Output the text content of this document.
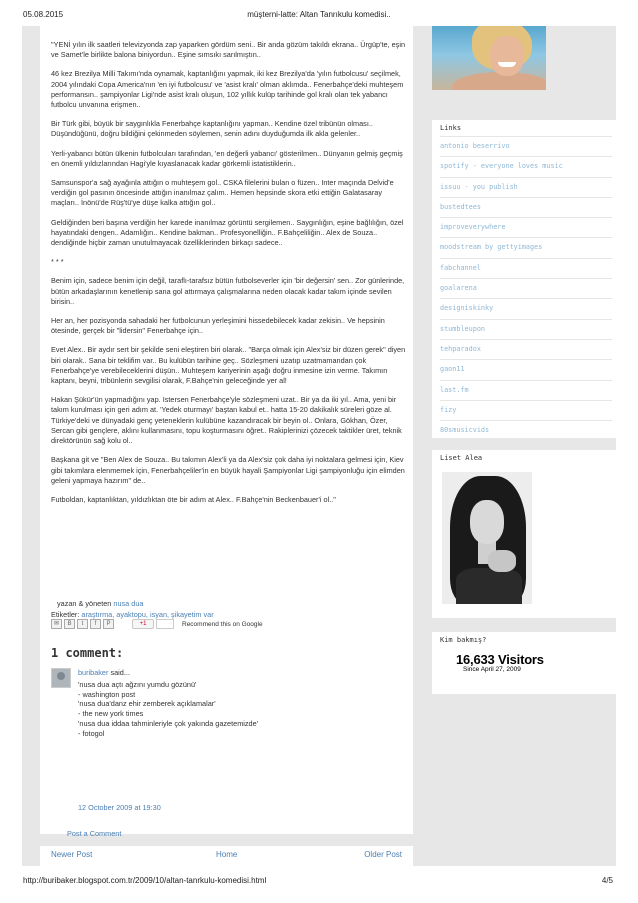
05.08.2015	müşterni-latte: Altan Tanrıkulu komedisi..

"YENİ yılın ilk saatleri televizyonda zap yaparken gördüm seni.. Bir anda gözüm takıldı ekrana.. Ürgüp'te, eşin ve Samet'le birlikte balona biniyordun.. Eşine sımsıkı sarılmıştın..

46 kez Brezilya Milli Takımı'nda oynamak, kaptanlığını yapmak, iki kez Brezilya'da 'yılın futbolcusu' seçilmek, 2004 yılındaki Copa America'nın 'en iyi futbolcusu' ve 'asist kralı' olman aklımda.. Fenerbahçe'deki muhteşem performansın.. şampiyonlar Ligi'nde asist kralı oluşun, 102 yıllık kulüp tarihinde gol kralı olan tek yabancı futbolcu unvanına erişmen..

Bir Türk gibi, büyük bir saygınlıkla Fenerbahçe kaptanlığını yapman.. Kendine özel tribünün olması.. Düşündüğünü, doğru bildiğini çekinmeden söylemen, senin adını duyduğumda ilk akla gelenler..

Yerli-yabancı bütün ülkenin futbolcuları tarafından, 'en değerli yabancı' gösterilmen.. Dünyanın gelmiş geçmiş en önemli yıldızlarından Hagi'yle kıyaslanacak kadar görkemli istatistiklerin..

Samsunspor'a sağ ayağınla attığın o muhteşem gol.. CSKA filelerini bulan o füzen.. Inter maçında Delvid'e verdiğin gol pasının öncesinde attığın inanılmaz çalım.. Hemen hepsinde skora etki ettiğin Galatasaray maçları.. İnönü'de Rüş'tü'ye düşe kalka attığın gol..

Geldiğinden beri başına verdiğin her karede inanılmaz görüntü sergilemen.. Saygınlığın, eşine bağlılığın, özel hayatındaki dengen.. Adamlığın.. Kendine bakman.. Profesyonelliğin.. F.Bahçeliliğin.. Alex de Souza.. dendiğinde hiçbir zaman unutulmayacak özelliklerinden birkaçı sadece..

* * *

Benim için, sadece benim için değil, taraflı-tarafsız bütün futbolseverler için 'bir değersin' sen.. Zor günlerinde, bütün arkadaşlarının kenetlenip sana gol attırmaya çalışmalarına neden olacak kadar takım içinde sevilen birisin..

Her an, her pozisyonda sahadaki her futbolcunun yerleşimini hissedebilecek kadar zekisin.. Ve hepsinin ötesinde, gerçek bir "lidersin" Fenerbahçe için..

Evet Alex.. Bir aydır sert bir şekilde seni eleştiren biri olarak.. "Barça olmak için Alex'siz bir düzen gerek" diyen biri olarak.. Sana bir teklifim var.. Bu kulübün tarihine geç.. Sözleşmeni uzatıp uzatmamandan çok Fenerbahçe'ye verebileceklerini düşün.. Muhteşem kariyerinin aşağı doğru inmesine izin verme. Takımın kaptanı, beyni, tribünlerin sevgilisi olarak, F.Bahçe'nin geleceğinde yer al!

Hakan Şükür'ün yapmadığını yap. Istersen Fenerbahçe'yle sözleşmeni uzat.. Bir ya da iki yıl.. Ama, yeni bir takım kurulması için geri adım at. 'Yedek oturmayı' baştan kabul et.. hatta 15-20 dakikalık süreleri göze al. Türkiye'deki ve dünyadaki genç yeteneklerin kulübüne kazandıracak bir beyin ol.. Onlara, Gökhan, Özer, Sercan gibi gençlere, aklını kullanmasını, topu koşturmasını öğret.. Rakiplerinizi çözecek taktikler üret, teknik direktörünün sağ kolu ol..

Başkana git ve "Ben Alex de Souza.. Bu takımın Alex'li ya da Alex'siz çok daha iyi noktalara gelmesi için, Kiev gibi takımlara elenmemek için, Fenerbahçeliler'in en büyük hayali Şampiyonlar Ligi şampiyonluğu için elimden geleni yapmaya hazırım" de..

Futboldan, kaptanlıktan, yıldızlıktan öte bir adım at Alex.. F.Bahçe'nin Beckenbauer'i ol.."

yazan & yöneten nusa dua
Etiketler: araştırma, ayaktopu, isyan, şikayetim var
✉	B	t	f	P	+1	Recommend this on Google
1 comment:
buribaker said...
'nusa dua açtı ağzını yumdu gözünü'
- washington post
'nusa dua'danz ehir zemberek açıklamalar'
- the new york times
'nusa dua iddaa tahminleriyle çok yakında gazetemizde'
- fotogol
12 October 2009 at 19:30
Post a Comment
Newer Post	Home	Older Post
Links
antonio beserrivo
spotify - everyone loves music
issuu - you publish
bustedtees
improveverywhere
moodstream by gettyimages
fabchannel
goalarena
designiskinky
stumbleupon
tehparadox
gaon11
last.fm
fizy
80smusicvids
Liset Alea
Kim bakmış?
16,633 Visitors
Since April 27, 2009
http://buribaker.blogspot.com.tr/2009/10/altan-tanrkulu-komedisi.html	4/5
